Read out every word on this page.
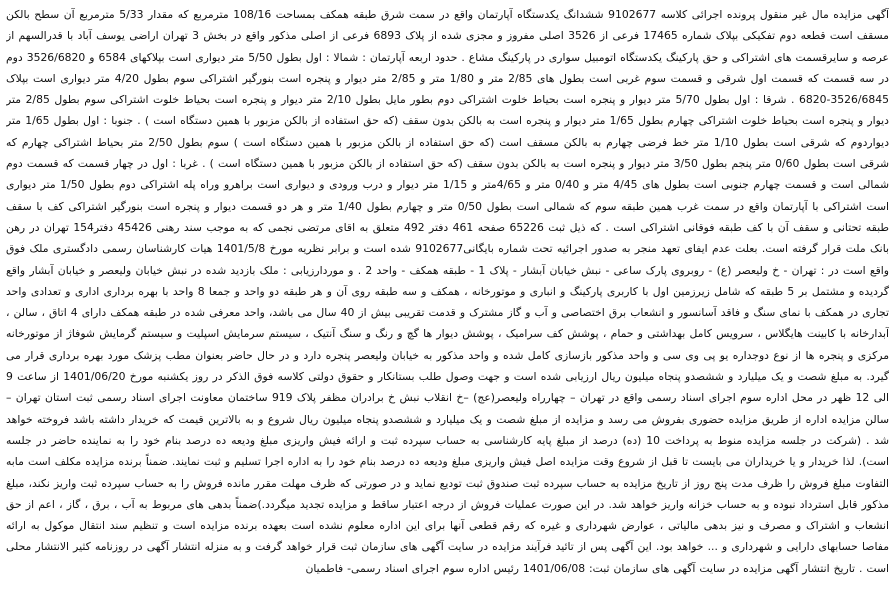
آگهی مزایده مال غیر منقول پرونده اجرائی کلاسه 9102677 ششدانگ یکدستگاه آپارتمان واقع در سمت شرق طبقه همکف بمساحت 108/16 مترمربع که مقدار 5/33 مترمربع آن سطح بالکن مسقف است قطعه دوم تفکیکی بپلاک شماره 17465 فرعی از 3526 اصلی مفروز و مجزی شده از پلاک 6893 فرعی از اصلی مذکور واقع در بخش 3 تهران اراضی یوسف آباد با قدرالسهم از عرصه و سایرقسمت های اشتراکی و حق پارکینگ یکدستگاه اتومبیل سواری در پارکینگ مشاع . حدود اربعه آپارتمان : شمالا : اول بطول 5/50 متر دیواری است بپلاکهای 6584 و 3526/6820 دوم در سه قسمت که قسمت اول شرقی و قسمت سوم غربی است بطول های 2/85 متر و 1/80 متر و 2/85 متر دیوار و پنجره است بنورگیر اشتراکی سوم بطول 4/20 متر دیواری است بپلاک 3526/6845-6820 . شرقا : اول بطول 5/70 متر دیوار و پنجره است بحیاط خلوت اشتراکی دوم بطور مایل بطول 2/10 متر دیوار و پنجره است بحیاط خلوت اشتراکی سوم بطول 2/85 متر دیوار و پنجره است بحیاط خلوت اشتراکی چهارم بطول 1/65 متر دیوار و پنجره است به بالکن بدون سقف (که حق استفاده از بالکن مزبور با همین دستگاه است ) . جنوبا : اول بطول 1/65 متر دیواردوم که شرقی است بطول 1/10 متر خط فرضی چهارم به بالکن مسقف است (که حق استفاده از بالکن مزبور با همین دستگاه است ) سوم بطول 2/50 متر بحیاط اشتراکی چهارم که شرقی است بطول 0/60 متر پنجم بطول 3/50 متر دیوار و پنجره است به بالکن بدون سقف (که حق استفاده از بالکن مزبور با همین دستگاه است ) . غربا : اول در چهار قسمت که قسمت دوم شمالی است و قسمت چهارم جنوبی است بطول های 4/45 متر و 0/40 متر و 4/65متر و 1/15 متر دیوار و درب ورودی و دیواری است براهرو وراه پله اشتراکی دوم بطول 1/50 متر دیواری است اشتراکی با آپارتمان واقع در سمت غرب همین طبقه سوم که شمالی است بطول 0/50 متر و چهارم بطول 1/40 متر و هر دو قسمت دیوار و پنجره است بنورگیر اشتراکی کف با سقف طبقه تحتانی و سقف آن با کف طبقه فوقانی اشتراکی است . که ذیل ثبت 65226 صفحه 461 دفتر 492 متعلق به اقای مرتضی نجمی که به موجب سند رهنی 45426 دفتر154 تهران در رهن بانک ملت قرار گرفته است. بعلت عدم ایفای تعهد منجر به صدور اجرائیه تحت شماره بایگانی9102677 شده است و برابر نظریه مورخ 1401/5/8 هیات کارشناسان رسمی دادگستری ملک فوق واقع است در : تهران - خ ولیعصر (ع) - روبروی پارک ساعی - نبش خیابان آبشار - پلاک 1 - طبقه همکف - واحد 2 . و موردارزیابی : ملک بازدید شده در نبش خیابان ولیعصر و خیابان آبشار واقع گردیده و مشتمل بر 5 طبقه که شامل زیرزمین اول با کاربری پارکینگ و انباری و موتورخانه ، همکف و سه طبقه روی آن و هر طبقه دو واحد و جمعا 8 واحد با بهره برداری اداری و تعدادی واحد تجاری در همکف با نمای سنگ و فاقد آسانسور و انشعاب برق اختصاصی و آب و گاز مشترک و قدمت تقریبی بیش از 40 سال می باشد، واحد معرفی شده در طبقه همکف دارای 4 اتاق ، سالن ، آبدارخانه با کابینت هایگلاس ، سرویس کامل بهداشتی و حمام ، پوشش کف سرامیک ، پوشش دیوار ها گچ و رنگ و سنگ آنتیک ، سیستم سرمایش اسپلیت و سیستم گرمایش شوفاژ از موتورخانه مرکزی و پنجره ها از نوع دوجداره یو پی وی سی و واحد مذکور بازسازی کامل شده و واحد مذکور به خیابان ولیعصر پنجره دارد و در حال حاضر بعنوان مطب پزشک مورد بهره برداری قرار می گیرد. به مبلغ شصت و یک میلیارد و ششصدو پنجاه میلیون ریال ارزیابی شده است و جهت وصول طلب بستانکار و حقوق دولتی کلاسه فوق الذکر در روز یکشنبه مورخ 1401/06/20 از ساعت 9 الی 12 ظهر در محل اداره سوم اجرای اسناد رسمی واقع در تهران – چهارراه ولیعصر(عج) –خ انقلاب نبش خ برادران مظفر پلاک 919 ساختمان معاونت اجرای اسناد رسمی ثبت استان تهران – سالن مزایده اداره از طریق مزایده حضوری بفروش می رسد و مزایده از مبلغ شصت و یک میلیارد و ششصدو پنجاه میلیون ریال شروع و به بالاترین قیمت که خریدار داشته باشد فروخته خواهد شد . (شرکت در جلسه مزایده منوط به پرداخت 10 (ده) درصد از مبلغ پایه کارشناسی به حساب سپرده ثبت و ارائه فیش واریزی مبلغ ودیعه ده درصد بنام خود را به نماینده حاضر در جلسه است). لذا خریدار و یا خریداران می بایست تا قبل از شروع وقت مزایده اصل فیش واریزی مبلغ ودیعه ده درصد بنام خود را به اداره اجرا تسلیم و ثبت نمایند. ضمناً برنده مزایده مکلف است مابه التفاوت مبلغ فروش را ظرف مدت پنج روز از تاریخ مزایده به حساب سپرده ثبت صندوق ثبت تودیع نماید و در صورتی که ظرف مهلت مقرر مانده فروش را به حساب سپرده ثبت واریز نکند، مبلغ مذکور قابل استرداد نبوده و به حساب خزانه واریز خواهد شد. در این صورت عملیات فروش از درجه اعتبار ساقط و مزایده تجدید میگردد.)ضمناً بدهی های مربوط به آب ، برق ، گاز ، اعم از حق انشعاب و اشتراک و مصرف و نیز بدهی مالیاتی ، عوارض شهرداری و غیره که رقم قطعی آنها برای این اداره معلوم نشده است بعهده برنده مزایده است و تنظیم سند انتقال موکول به ارائه مفاصا حسابهای دارایی و شهرداری و ... خواهد بود. این آگهی پس از تائید فرآیند مزایده در سایت آگهی های سازمان ثبت قرار خواهد گرفت و به منزله انتشار آگهی در روزنامه کثیر الانتشار محلی است . تاریخ انتشار آگهی مزایده در سایت آگهی های سازمان ثبت: 1401/06/08 رئیس اداره سوم اجرای اسناد رسمی- فاطمیان
